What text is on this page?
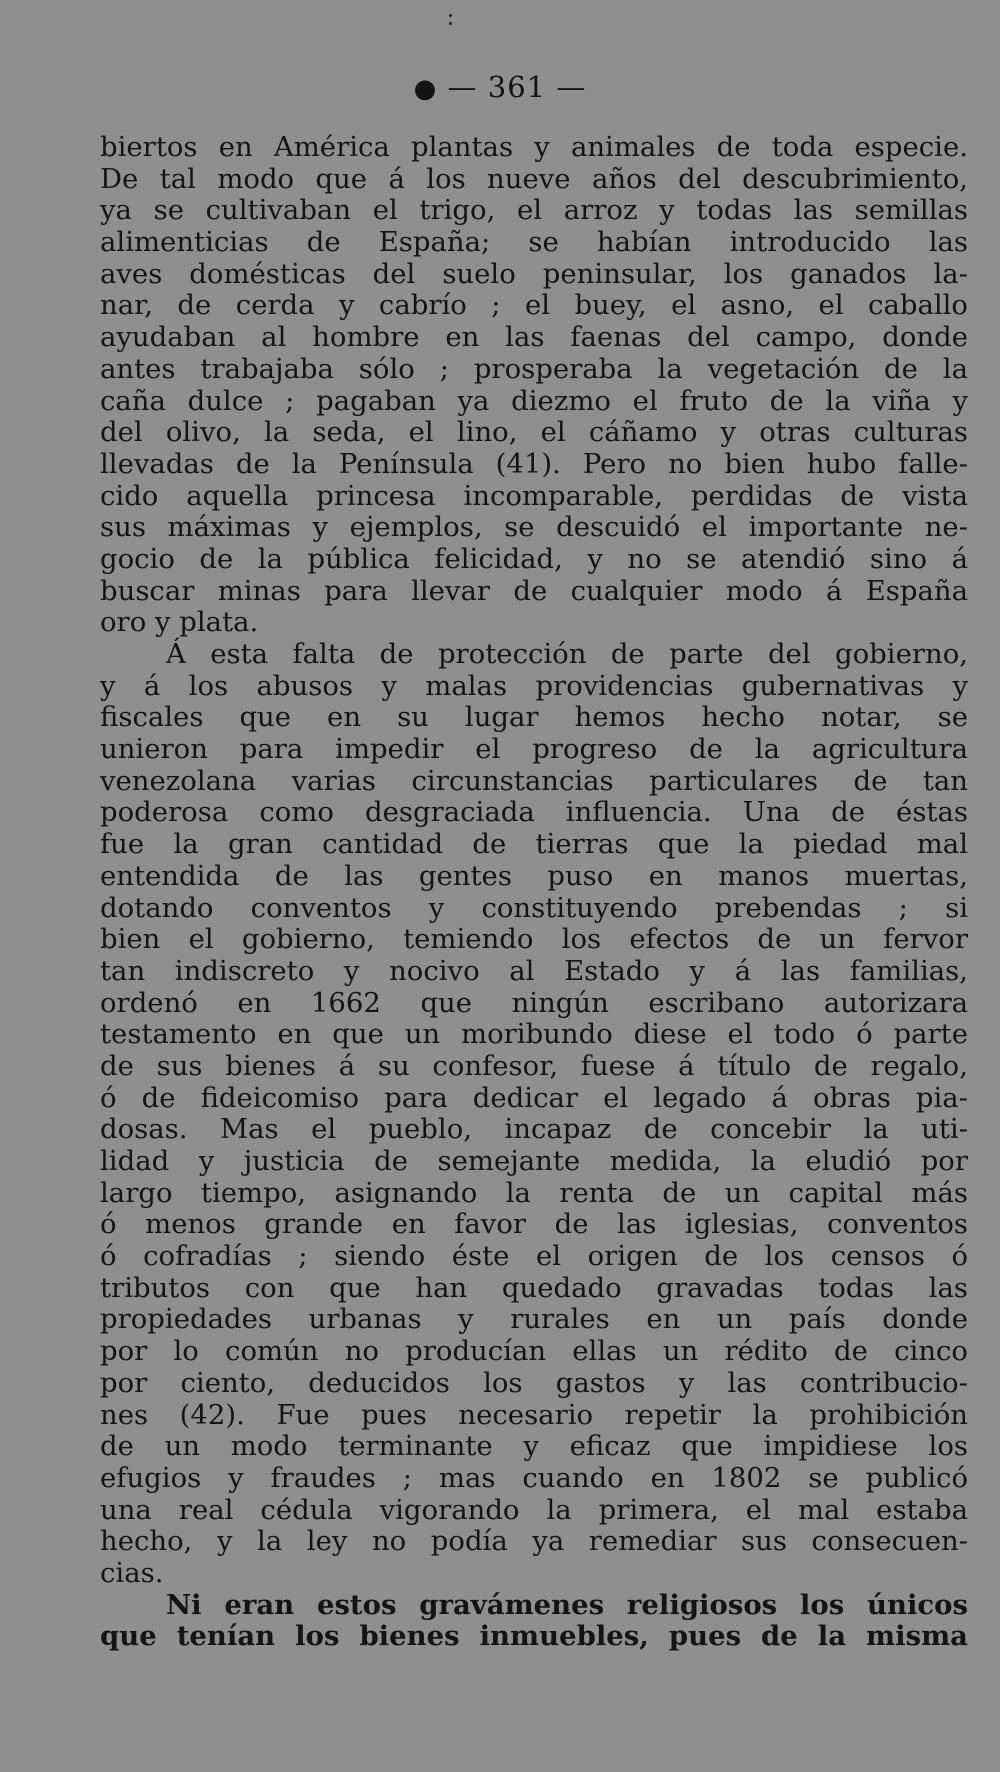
● — 361 —
biertos en América plantas y animales de toda especie.
De tal modo que á los nueve años del descubrimiento,
ya se cultivaban el trigo, el arroz y todas las semillas
alimenticias de España; se habían introducido las
aves domésticas del suelo peninsular, los ganados la-
nar, de cerda y cabrío ; el buey, el asno, el caballo
ayudaban al hombre en las faenas del campo, donde
antes trabajaba sólo ; prosperaba la vegetación de la
caña dulce ; pagaban ya diezmo el fruto de la viña y
del olivo, la seda, el lino, el cáñamo y otras culturas
llevadas de la Península (41). Pero no bien hubo falle-
cido aquella princesa incomparable, perdidas de vista
sus máximas y ejemplos, se descuidó el importante ne-
gocio de la pública felicidad, y no se atendió sino á
buscar minas para llevar de cualquier modo á España
oro y plata.
Á esta falta de protección de parte del gobierno,
y á los abusos y malas providencias gubernativas y
fiscales que en su lugar hemos hecho notar, se
unieron para impedir el progreso de la agricultura
venezolana varias circunstancias particulares de tan
poderosa como desgraciada influencia. Una de éstas
fue la gran cantidad de tierras que la piedad mal
entendida de las gentes puso en manos muertas,
dotando conventos y constituyendo prebendas ; si
bien el gobierno, temiendo los efectos de un fervor
tan indiscreto y nocivo al Estado y á las familias,
ordenó en 1662 que ningún escribano autorizara
testamento en que un moribundo diese el todo ó parte
de sus bienes á su confesor, fuese á título de regalo,
ó de fideicomiso para dedicar el legado á obras pia-
dosas. Mas el pueblo, incapaz de concebir la uti-
lidad y justicia de semejante medida, la eludió por
largo tiempo, asignando la renta de un capital más
ó menos grande en favor de las iglesias, conventos
ó cofradías ; siendo éste el origen de los censos ó
tributos con que han quedado gravadas todas las
propiedades urbanas y rurales en un país donde
por lo común no producían ellas un rédito de cinco
por ciento, deducidos los gastos y las contribucio-
nes (42). Fue pues necesario repetir la prohibición
de un modo terminante y eficaz que impidiese los
efugios y fraudes ; mas cuando en 1802 se publicó
una real cédula vigorando la primera, el mal estaba
hecho, y la ley no podía ya remediar sus consecuen-
cias.
Ni eran estos gravámenes religiosos los únicos
que tenían los bienes inmuebles, pues de la misma
